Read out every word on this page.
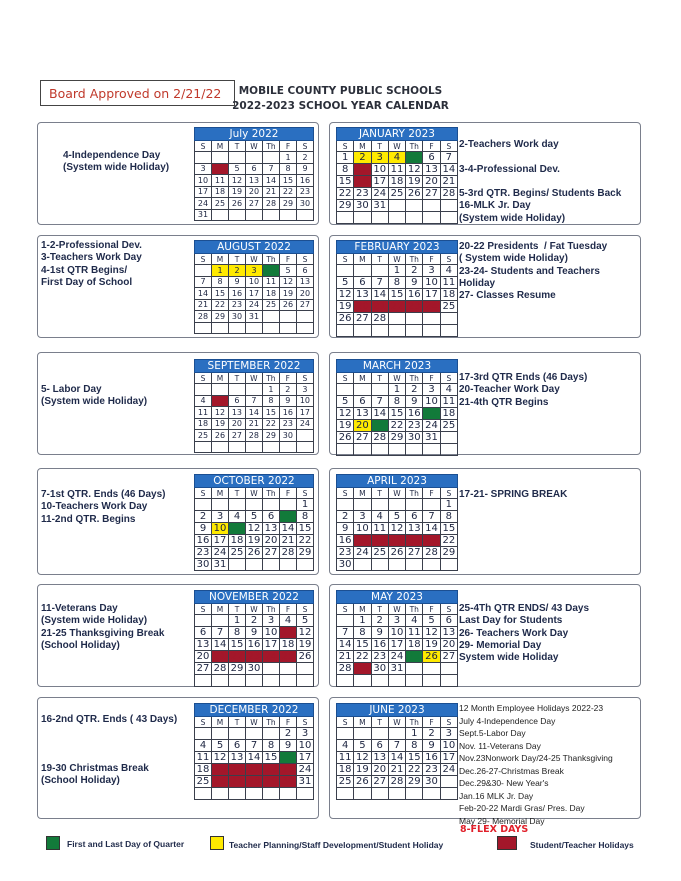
Board Approved on 2/21/22	MOBILE COUNTY PUBLIC SCHOOLS
2022-2023 SCHOOL YEAR CALENDAR
July 2022						
S	M	T	W	Th	F	S
					1	2
3	4	5	6	7	8	9
10	11	12	13	14	15	16
17	18	19	20	21	22	23
24	25	26	27	28	29	30
31						
JANUARY 2023						
S	M	T	W	Th	F	S
1	2	3	4	5	6	7
8	9	10	11	12	13	14
15	16	17	18	19	20	21
22	23	24	25	26	27	28
29	30	31				

AUGUST 2022						
S	M	T	W	Th	F	S
	1	2	3	4	5	6
7	8	9	10	11	12	13
14	15	16	17	18	19	20
21	22	23	24	25	26	27
28	29	30	31			

FEBRUARY 2023						
S	M	T	W	Th	F	S
			1	2	3	4
5	6	7	8	9	10	11
12	13	14	15	16	17	18
19	20	21	22	23	24	25
26	27	28				

SEPTEMBER 2022						
S	M	T	W	Th	F	S
				1	2	3
4	5	6	7	8	9	10
11	12	13	14	15	16	17
18	19	20	21	22	23	24
25	26	27	28	29	30	

MARCH 2023						
S	M	T	W	Th	F	S
			1	2	3	4
5	6	7	8	9	10	11
12	13	14	15	16	17	18
19	20	21	22	23	24	25
26	27	28	29	30	31	

OCTOBER 2022						
S	M	T	W	Th	F	S
						1
2	3	4	5	6	7	8
9	10	11	12	13	14	15
16	17	18	19	20	21	22
23	24	25	26	27	28	29
30	31					
APRIL 2023						
S	M	T	W	Th	F	S
						1
2	3	4	5	6	7	8
9	10	11	12	13	14	15
16	17	18	19	20	21	22
23	24	25	26	27	28	29
30						
NOVEMBER 2022						
S	M	T	W	Th	F	S
		1	2	3	4	5
6	7	8	9	10	11	12
13	14	15	16	17	18	19
20	21	22	23	24	25	26
27	28	29	30			

MAY 2023						
S	M	T	W	Th	F	S
	1	2	3	4	5	6
7	8	9	10	11	12	13
14	15	16	17	18	19	20
21	22	23	24	25	26	27
28	29	30	31			

DECEMBER 2022						
S	M	T	W	Th	F	S
					2	3
4	5	6	7	8	9	10
11	12	13	14	15	16	17
18	19	20	21	22	23	24
25	26	27	28	29	30	31

JUNE 2023						
S	M	T	W	Th	F	S
				1	2	3
4	5	6	7	8	9	10
11	12	13	14	15	16	17
18	19	20	21	22	23	24
25	26	27	28	29	30	

4-Independence Day
(System wide Holiday)
2-Teachers Work day

3-4-Professional Dev.

5-3rd QTR. Begins/ Students Back
16-MLK Jr. Day
(System wide Holiday)
1-2-Professional Dev.
3-Teachers Work Day
4-1st QTR Begins/
First Day of School
20-22 Presidents  / Fat Tuesday
( System wide Holiday)
23-24- Students and Teachers
Holiday
27- Classes Resume
5- Labor Day
(System wide Holiday)
17-3rd QTR Ends (46 Days)
20-Teacher Work Day
21-4th QTR Begins
7-1st QTR. Ends (46 Days)
10-Teachers Work Day
11-2nd QTR. Begins
17-21- SPRING BREAK
11-Veterans Day
(System wide Holiday)
21-25 Thanksgiving Break
(School Holiday)
25-4Th QTR ENDS/ 43 Days
Last Day for Students
26- Teachers Work Day
29- Memorial Day
System wide Holiday
16-2nd QTR. Ends ( 43 Days)

19-30 Christmas Break
(School Holiday)
12 Month Employee Holidays 2022-23
July 4-Independence Day
Sept.5-Labor Day
Nov. 11-Veterans Day
Nov.23Nonwork Day/24-25 Thanksgiving
Dec.26-27-Christmas Break
Dec.29&30- New Year's
Jan.16 MLK Jr. Day
Feb-20-22 Mardi Gras/ Pres. Day
May 29- Memorial Day
8-FLEX DAYS
First and Last Day of Quarter	Teacher Planning/Staff Development/Student Holiday	Student/Teacher Holidays
